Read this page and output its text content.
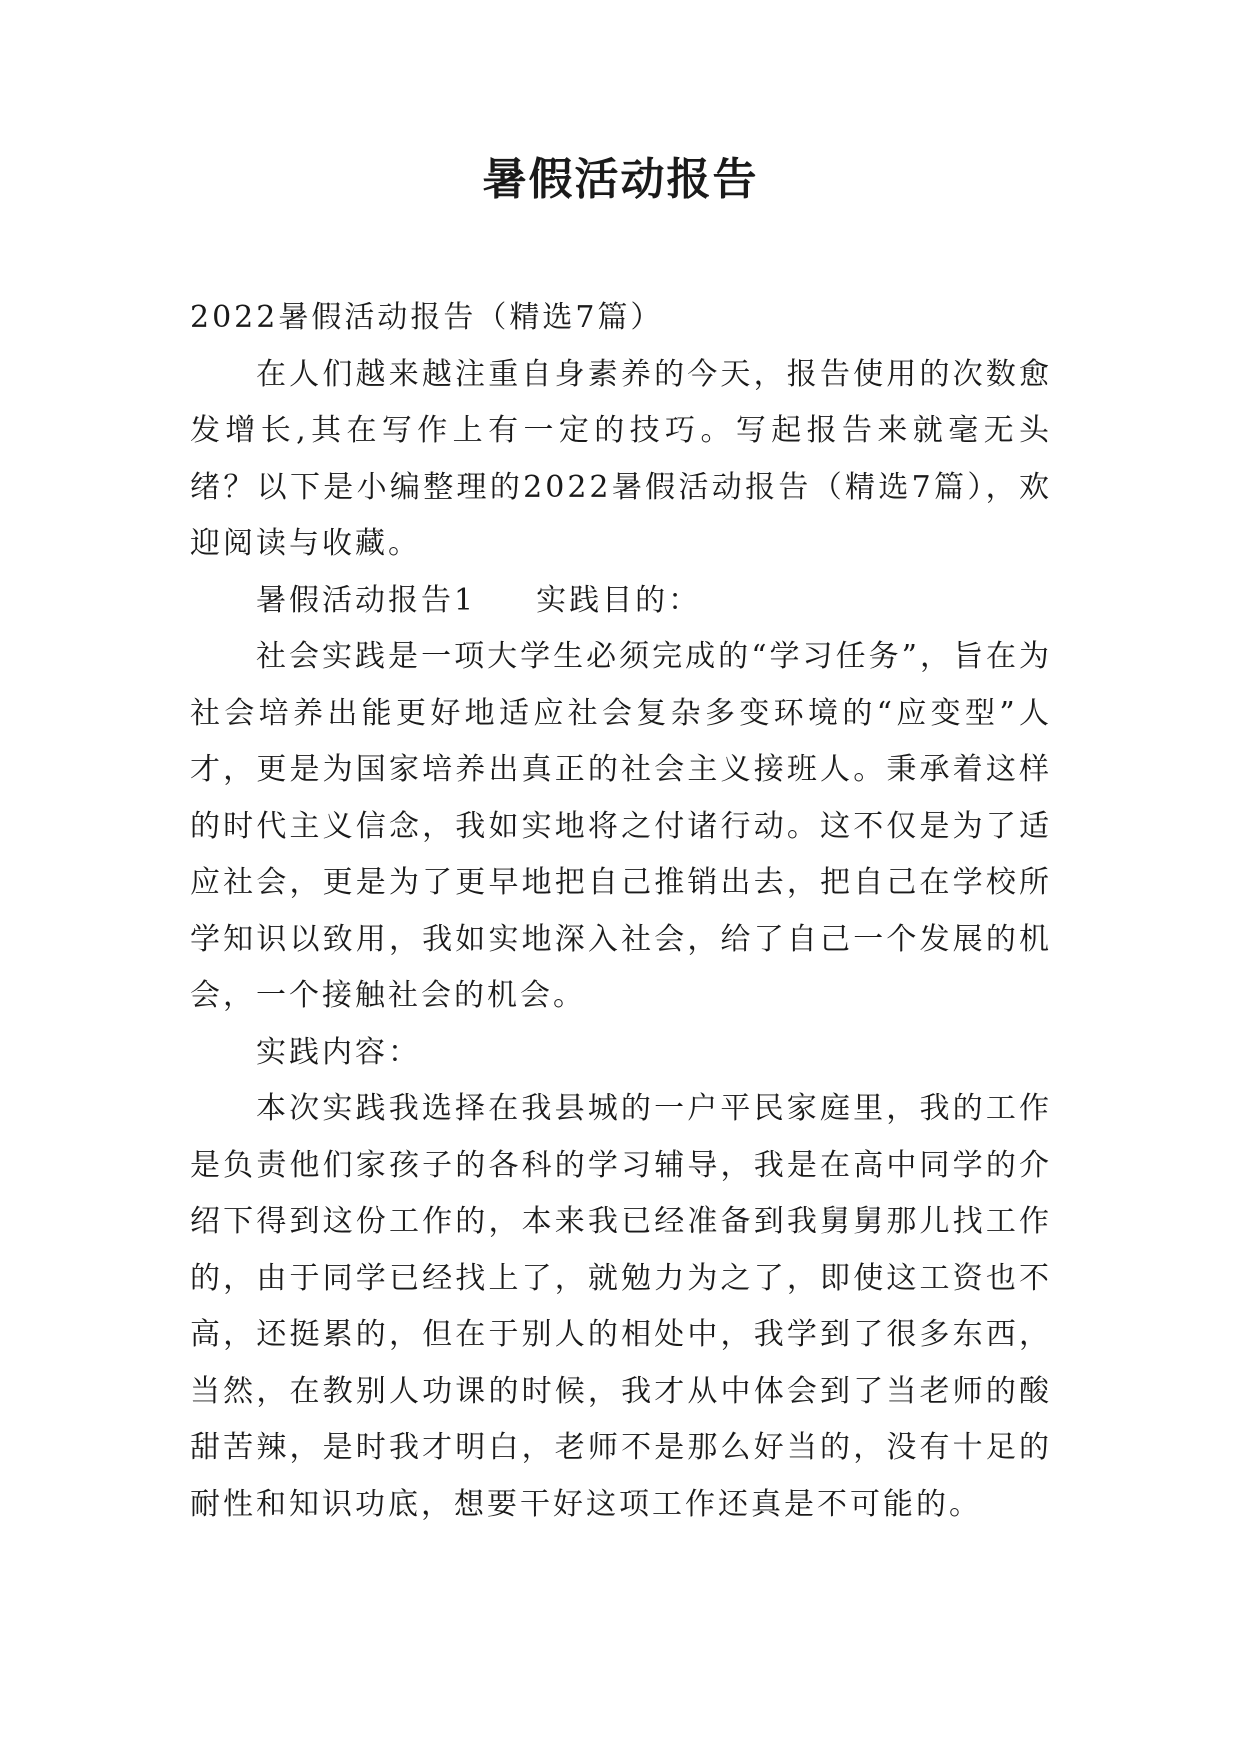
暑假活动报告

2022暑假活动报告（精选7篇）

在人们越来越注重自身素养的今天，报告使用的次数愈发增长,其在写作上有一定的技巧。写起报告来就毫无头绪？以下是小编整理的2022暑假活动报告（精选7篇），欢迎阅读与收藏。

暑假活动报告1 实践目的：

社会实践是一项大学生必须完成的“学习任务”，旨在为社会培养出能更好地适应社会复杂多变环境的“应变型”人才，更是为国家培养出真正的社会主义接班人。秉承着这样的时代主义信念，我如实地将之付诸行动。这不仅是为了适应社会，更是为了更早地把自己推销出去，把自己在学校所学知识以致用，我如实地深入社会，给了自己一个发展的机会，一个接触社会的机会。

实践内容：

本次实践我选择在我县城的一户平民家庭里，我的工作是负责他们家孩子的各科的学习辅导，我是在高中同学的介绍下得到这份工作的，本来我已经准备到我舅舅那儿找工作的，由于同学已经找上了，就勉力为之了，即使这工资也不高，还挺累的，但在于别人的相处中，我学到了很多东西，当然，在教别人功课的时候，我才从中体会到了当老师的酸甜苦辣，是时我才明白，老师不是那么好当的，没有十足的耐性和知识功底，想要干好这项工作还真是不可能的。
